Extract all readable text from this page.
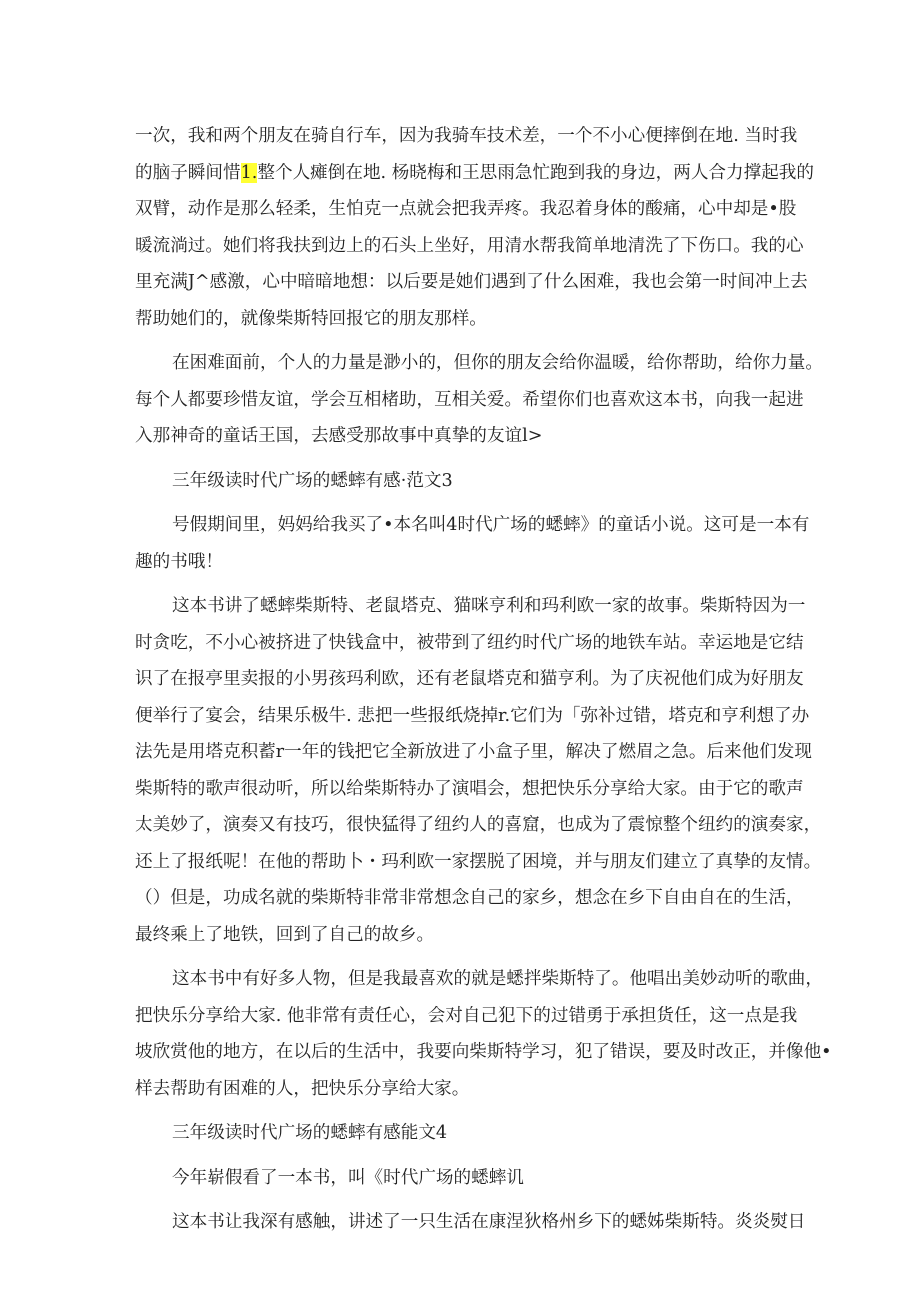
一次，我和两个朋友在骑自行车，因为我骑车技术差，一个不小心便摔倒在地. 当时我
的脑子瞬间惜1.整个人瘫倒在地. 杨晓梅和王思雨急忙跑到我的身边，两人合力撑起我的
双臂，动作是那么轻柔，生怕克一点就会把我弄疼。我忍着身体的酸痛，心中却是•股
暖流淌过。她们将我扶到边上的石头上坐好，用清水帮我简单地清洗了下伤口。我的心
里充满J^感激，心中暗暗地想：以后要是她们遇到了什么困难，我也会第一时间冲上去
帮助她们的，就像柴斯特回报它的朋友那样。
在困难面前，个人的力量是渺小的，但你的朋友会给你温暖，给你帮助，给你力量。
每个人都要珍惜友谊，学会互相楮助，互相关爱。希望你们也喜欢这本书，向我一起进
入那神奇的童话王国，去感受那故事中真挚的友谊l>
三年级读时代广场的蟋蟀有感·范文3
号假期间里，妈妈给我买了•本名叫4时代广场的蟋蟀》的童话小说。这可是一本有
趣的书哦！
这本书讲了蟋蟀柴斯特、老鼠塔克、猫咪亨利和玛利欧一家的故事。柴斯特因为一
时贪吃，不小心被挤进了快钱盒中，被带到了纽约时代广场的地铁车站。幸运地是它结
识了在报亭里卖报的小男孩玛利欧，还有老鼠塔克和猫亨利。为了庆祝他们成为好朋友
便举行了宴会，结果乐极牛. 悲把一些报纸烧掉r.它们为「弥补过错，塔克和亨利想了办
法先是用塔克积蓄r一年的钱把它全新放进了小盒子里，解决了燃眉之急。后来他们发现
柴斯特的歌声很动听，所以给柴斯特办了演唱会，想把快乐分享给大家。由于它的歌声
太美妙了，演奏又有技巧，很快猛得了纽约人的喜窟，也成为了震惊整个纽约的演奏家，
还上了报纸呢！在他的帮助卜・玛利欧一家摆脱了困境，并与朋友们建立了真挚的友情。
（）但是，功成名就的柴斯特非常非常想念自己的家乡，想念在乡下自由自在的生活，
最终乘上了地铁，回到了自己的故乡。
这本书中有好多人物，但是我最喜欢的就是蟋拌柴斯特了。他唱出美妙动听的歌曲，
把快乐分享给大家. 他非常有责任心，会对自己犯下的过错勇于承担货任，这一点是我
坡欣赏他的地方，在以后的生活中，我要向柴斯特学习，犯了错误，要及时改正，并像他•
样去帮助有困难的人，把快乐分享给大家。
三年级读时代广场的蟋蟀有感能文4
今年崭假看了一本书，叫《时代广场的蟋蟀讥
这本书让我深有感触，讲述了一只生活在康涅狄格州乡下的蟋姊柴斯特。炎炎熨日
